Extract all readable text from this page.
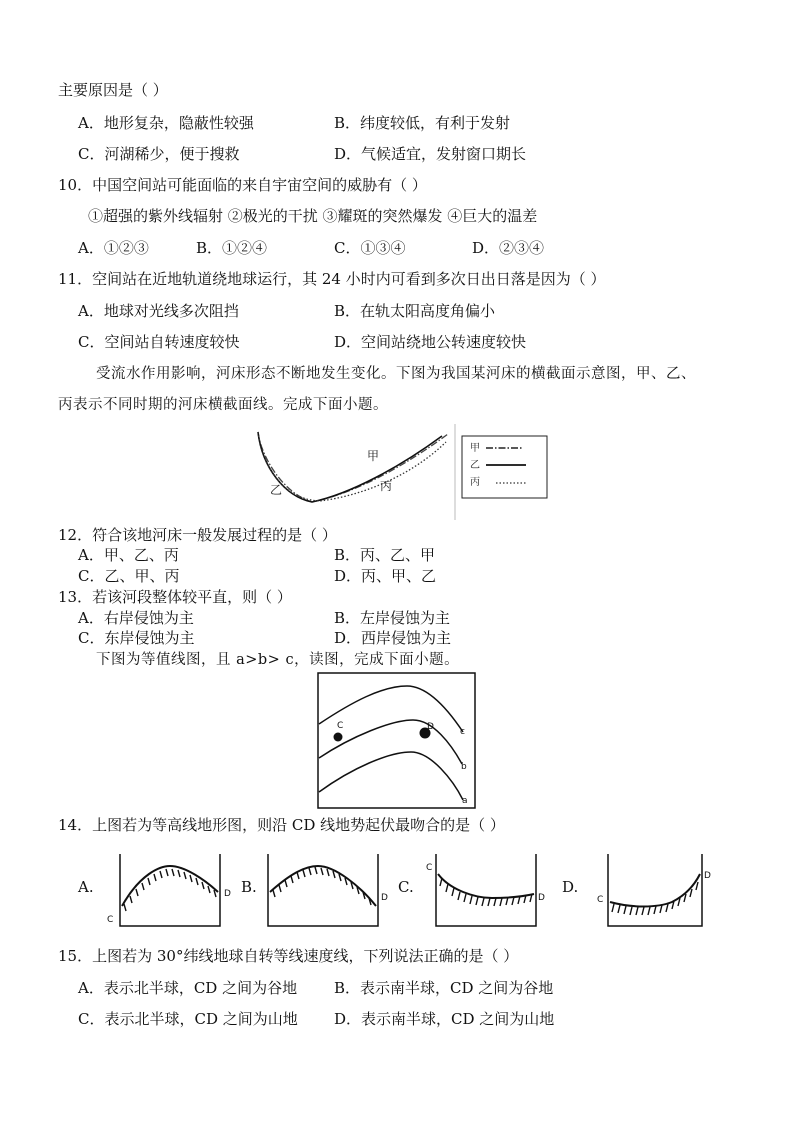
主要原因是（ ）
A．地形复杂，隐蔽性较强	B．纬度较低，有利于发射
C．河湖稀少，便于搜救	D．气候适宜，发射窗口期长
10．中国空间站可能面临的来自宇宙空间的威胁有（ ）
①超强的紫外线辐射 ②极光的干扰 ③耀斑的突然爆发 ④巨大的温差
A．①②③	B．①②④	C．①③④	D．②③④
11．空间站在近地轨道绕地球运行，其 24 小时内可看到多次日出日落是因为（ ）
A．地球对光线多次阻挡	B．在轨太阳高度角偏小
C．空间站自转速度较快	D．空间站绕地公转速度较快
受流水作用影响，河床形态不断地发生变化。下图为我国某河床的横截面示意图，甲、乙、
丙表示不同时期的河床横截面线。完成下面小题。
甲
乙	丙
甲
乙
丙
12．符合该地河床一般发展过程的是（ ）
A．甲、乙、丙	B．丙、乙、甲
C．乙、甲、丙	D．丙、甲、乙
13．若该河段整体较平直，则（ ）
A．右岸侵蚀为主	B．左岸侵蚀为主
C．东岸侵蚀为主	D．西岸侵蚀为主
下图为等值线图，且 a>b> c，读图，完成下面小题。
C	D	c
b
a
14．上图若为等高线地形图，则沿 CD 线地势起伏最吻合的是（ ）
A.
C
D B.
D
C.
C
D
D.
C
D
15．上图若为 30°纬线地球自转等线速度线，下列说法正确的是（ ）
A．表示北半球，CD 之间为谷地 B．表示南半球，CD 之间为谷地
C．表示北半球，CD 之间为山地 D．表示南半球，CD 之间为山地
